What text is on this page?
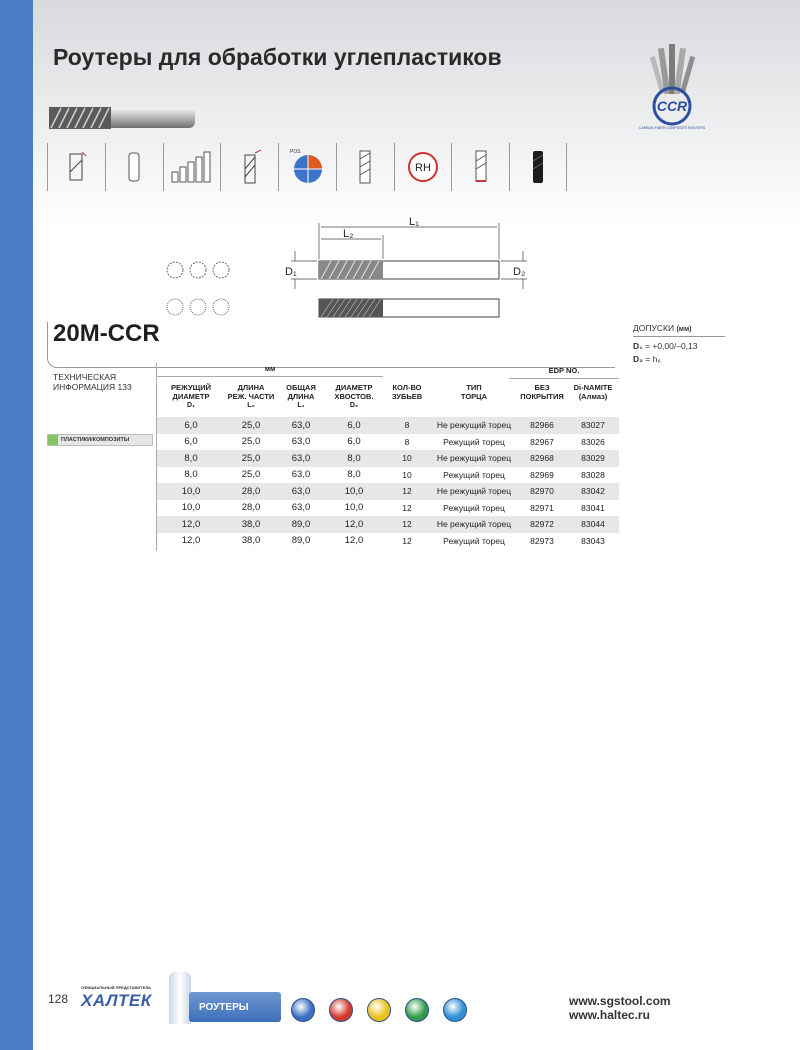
Роутеры для обработки углепластиков
CCR
CARBON FIBER COMPOSITE ROUTERS
POS
RH
L₁
L₂
D₁	D₂
20M-CCR	ДОПУСКИ (мм)
D₁ = +0,00/–0,13
D₂ = h₆
ТЕХНИЧЕСКАЯ
ИНФОРМАЦИЯ 133
ПЛАСТИКИ/КОМПОЗИТЫ
мм	EDP NO.
РЕЖУЩИЙ
ДИАМЕТР
D₁
ДЛИНА
РЕЖ. ЧАСТИ
L₂
ОБЩАЯ
ДЛИНА
L₁
ДИАМЕТР
ХВОСТОВ.
D₂
КОЛ-ВО
ЗУБЬЕВ
ТИП
ТОРЦА
БЕЗ
ПОКРЫТИЯ
Di-NAMITE
(Алмаз)
6,0	25,0	63,0	6,0	8	Не режущий торец	82966	83027
6,0	25,0	63,0	6,0	8	Режущий торец	82967	83026
8,0	25,0	63,0	8,0	10	Не режущий торец	82968	83029
8,0	25,0	63,0	8,0	10	Режущий торец	82969	83028
10,0	28,0	63,0	10,0	12	Не режущий торец	82970	83042
10,0	28,0	63,0	10,0	12	Режущий торец	82971	83041
12,0	38,0	89,0	12,0	12	Не режущий торец	82972	83044
12,0	38,0	89,0	12,0	12	Режущий торец	82973	83043
128
ОФИЦИАЛЬНЫЙ ПРЕДСТАВИТЕЛЬ
ХАЛТЕК	РОУТЕРЫ	www.sgstool.com
www.haltec.ru
